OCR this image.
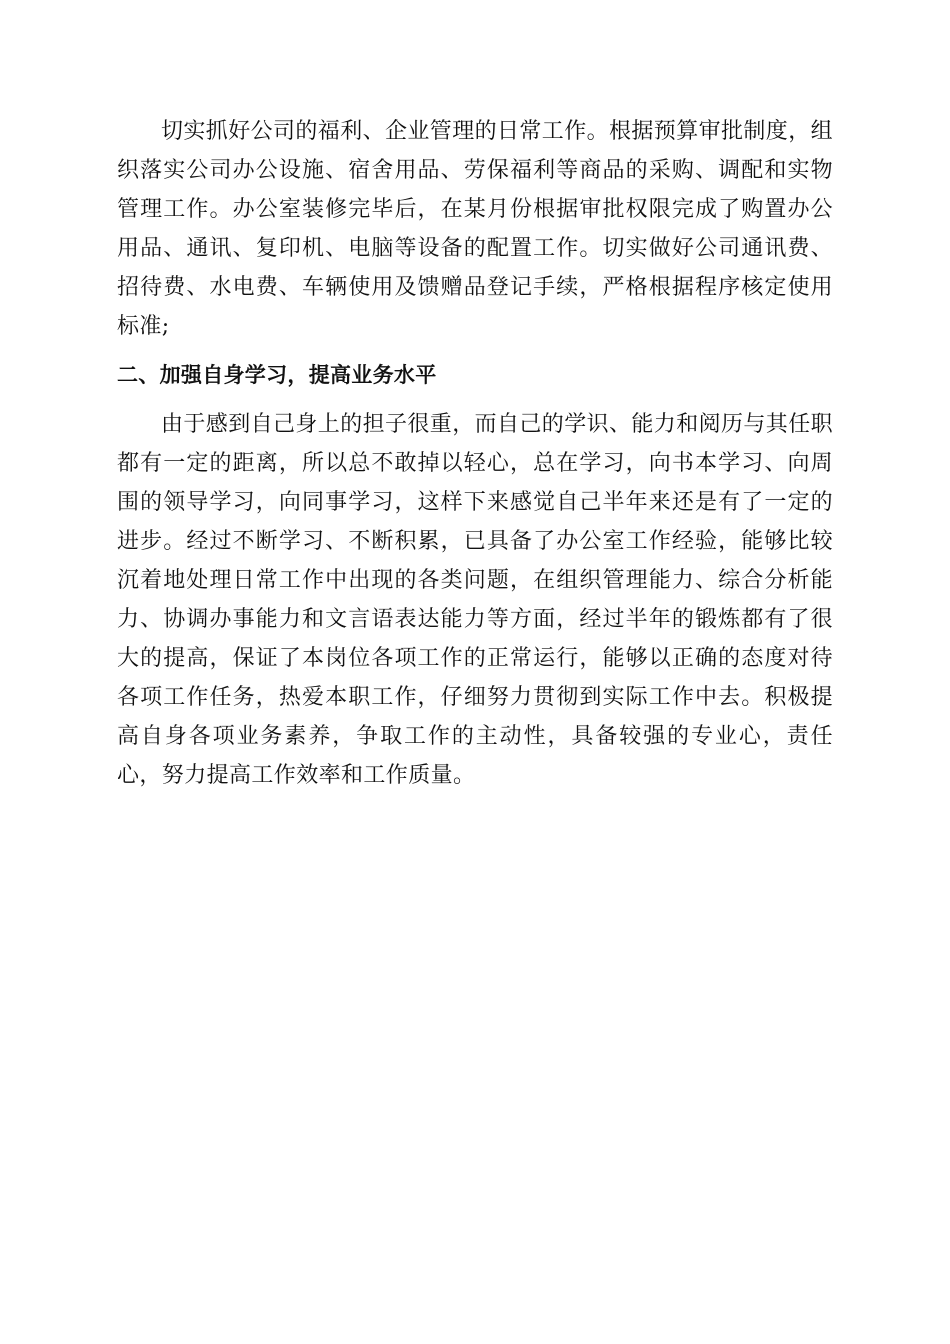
切实抓好公司的福利、企业管理的日常工作。根据预算审批制度，组织落实公司办公设施、宿舍用品、劳保福利等商品的采购、调配和实物管理工作。办公室装修完毕后，在某月份根据审批权限完成了购置办公用品、通讯、复印机、电脑等设备的配置工作。切实做好公司通讯费、招待费、水电费、车辆使用及馈赠品登记手续，严格根据程序核定使用标准;

二、加强自身学习，提高业务水平

由于感到自己身上的担子很重，而自己的学识、能力和阅历与其任职都有一定的距离，所以总不敢掉以轻心，总在学习，向书本学习、向周围的领导学习，向同事学习，这样下来感觉自己半年来还是有了一定的进步。经过不断学习、不断积累，已具备了办公室工作经验，能够比较沉着地处理日常工作中出现的各类问题，在组织管理能力、综合分析能力、协调办事能力和文言语表达能力等方面，经过半年的锻炼都有了很大的提高，保证了本岗位各项工作的正常运行，能够以正确的态度对待各项工作任务，热爱本职工作，仔细努力贯彻到实际工作中去。积极提高自身各项业务素养，争取工作的主动性，具备较强的专业心，责任心，努力提高工作效率和工作质量。
